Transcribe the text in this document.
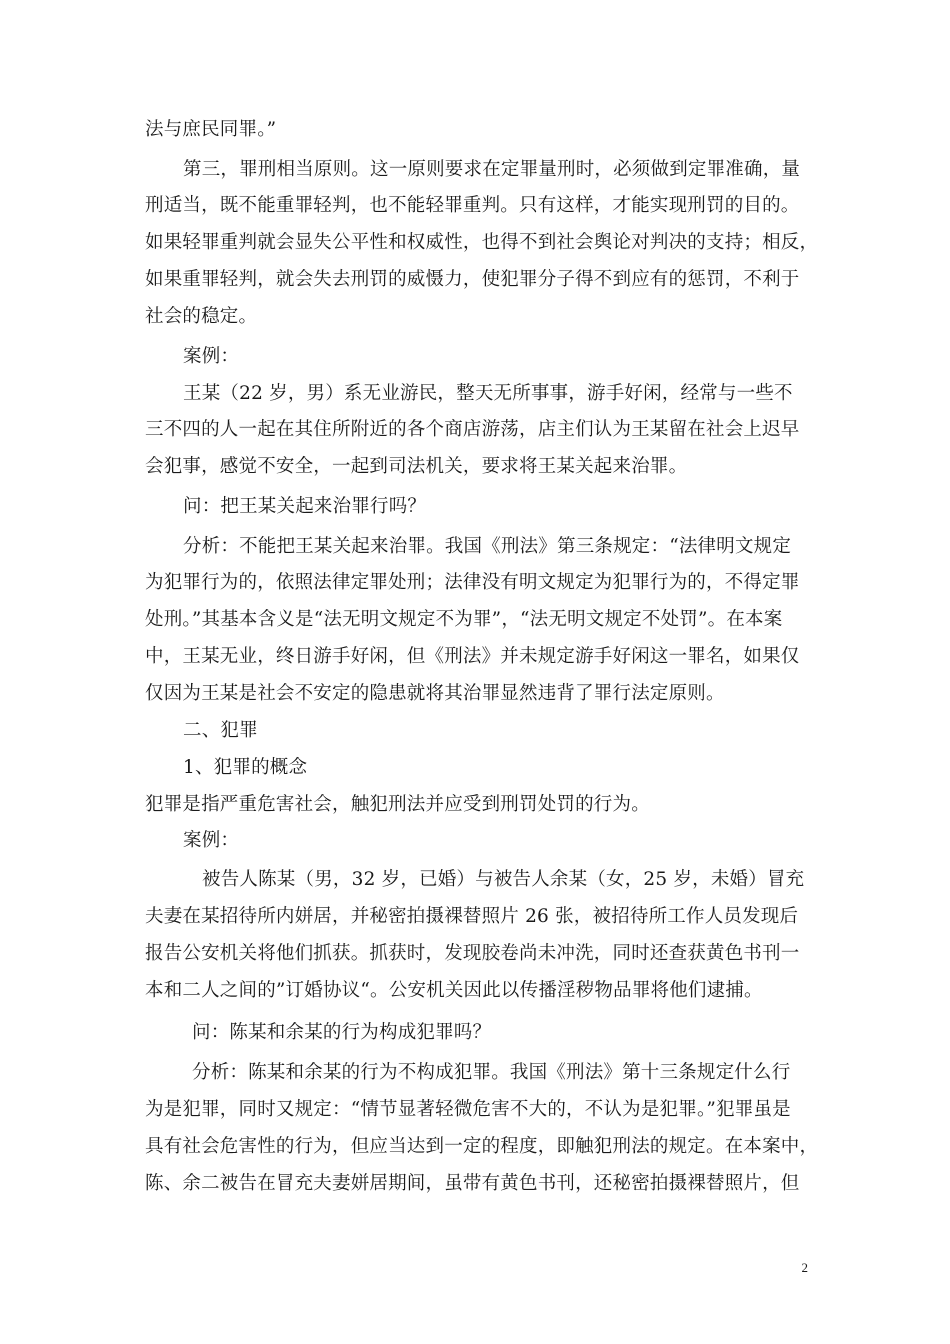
法与庶民同罪。”
第三，罪刑相当原则。这一原则要求在定罪量刑时，必须做到定罪准确，量
刑适当，既不能重罪轻判，也不能轻罪重判。只有这样，才能实现刑罚的目的。
如果轻罪重判就会显失公平性和权威性，也得不到社会舆论对判决的支持；相反，
如果重罪轻判，就会失去刑罚的威慑力，使犯罪分子得不到应有的惩罚，不利于
社会的稳定。
案例：
王某（22 岁，男）系无业游民，整天无所事事，游手好闲，经常与一些不
三不四的人一起在其住所附近的各个商店游荡，店主们认为王某留在社会上迟早
会犯事，感觉不安全，一起到司法机关，要求将王某关起来治罪。
问：把王某关起来治罪行吗？
分析：不能把王某关起来治罪。我国《刑法》第三条规定：“法律明文规定
为犯罪行为的，依照法律定罪处刑；法律没有明文规定为犯罪行为的，不得定罪
处刑。”其基本含义是“法无明文规定不为罪”，“法无明文规定不处罚”。在本案
中，王某无业，终日游手好闲，但《刑法》并未规定游手好闲这一罪名，如果仅
仅因为王某是社会不安定的隐患就将其治罪显然违背了罪行法定原则。
二、犯罪
1、犯罪的概念
犯罪是指严重危害社会，触犯刑法并应受到刑罚处罚的行为。
案例：
被告人陈某（男，32 岁，已婚）与被告人余某（女，25 岁，未婚）冒充
夫妻在某招待所内姘居，并秘密拍摄裸替照片 26 张，被招待所工作人员发现后
报告公安机关将他们抓获。抓获时，发现胶卷尚未冲洗，同时还查获黄色书刊一
本和二人之间的”订婚协议“。公安机关因此以传播淫秽物品罪将他们逮捕。
问：陈某和余某的行为构成犯罪吗？
分析：陈某和余某的行为不构成犯罪。我国《刑法》第十三条规定什么行
为是犯罪，同时又规定：“情节显著轻微危害不大的，不认为是犯罪。”犯罪虽是
具有社会危害性的行为，但应当达到一定的程度，即触犯刑法的规定。在本案中，
陈、余二被告在冒充夫妻姘居期间，虽带有黄色书刊，还秘密拍摄裸替照片，但
2
